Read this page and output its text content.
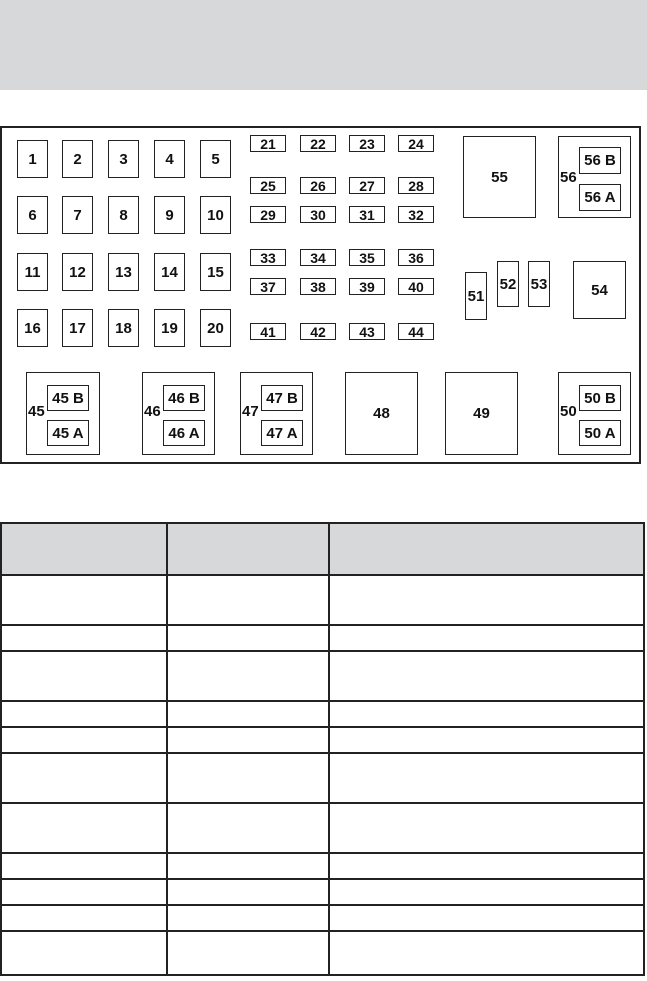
1	2	3	4	5
6	7	8	9	10
11	12	13	14	15
16	17	18	19	20
21	22	23	24
25	26	27	28
29	30	31	32
33	34	35	36
37	38	39	40
41	42	43	44
55	56
56 B
56 A
51
52 53	54
45
45 B
45 A
46
46 B
46 A
47
47 B
47 A
48	49	50
50 B
50 A
